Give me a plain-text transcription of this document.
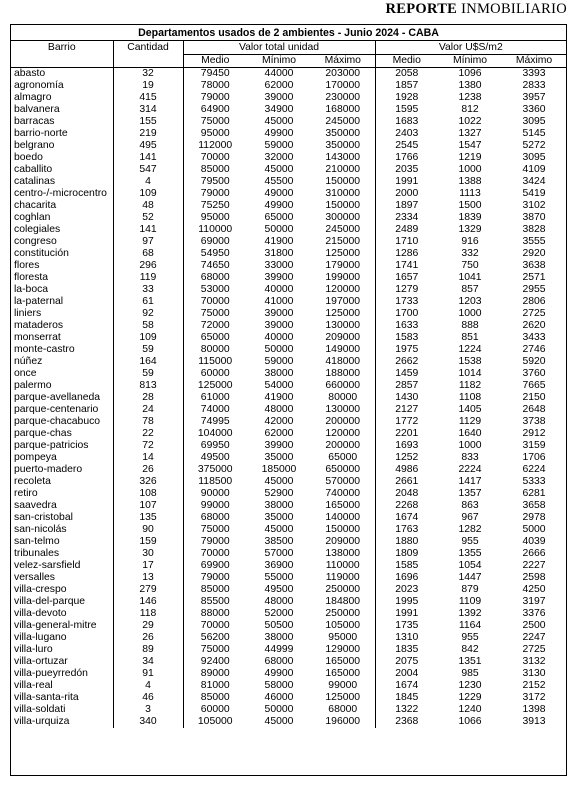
REPORTE INMOBILIARIO
Departamentos usados de 2 ambientes - Junio 2024 - CABA							
Barrio	Cantidad	Valor total unidad			Valor U$S/m2		
		Medio	Mínimo	Máximo	Medio	Mínimo	Máximo
abasto	32	79450	44000	203000	2058	1096	3393
agronomía	19	78000	62000	170000	1857	1380	2833
almagro	415	79000	39000	230000	1928	1238	3957
balvanera	314	64900	34900	168000	1595	812	3360
barracas	155	75000	45000	245000	1683	1022	3095
barrio-norte	219	95000	49900	350000	2403	1327	5145
belgrano	495	112000	59000	350000	2545	1547	5272
boedo	141	70000	32000	143000	1766	1219	3095
caballito	547	85000	45000	210000	2035	1000	4109
catalinas	4	79500	45500	150000	1991	1388	3424
centro-/-microcentro	109	79000	49000	310000	2000	1113	5419
chacarita	48	75250	49900	150000	1897	1500	3102
coghlan	52	95000	65000	300000	2334	1839	3870
colegiales	141	110000	50000	245000	2489	1329	3828
congreso	97	69000	41900	215000	1710	916	3555
constitución	68	54950	31800	125000	1286	332	2920
flores	296	74650	33000	179000	1741	750	3638
floresta	119	68000	39900	199000	1657	1041	2571
la-boca	33	53000	40000	120000	1279	857	2955
la-paternal	61	70000	41000	197000	1733	1203	2806
liniers	92	75000	39000	125000	1700	1000	2725
mataderos	58	72000	39000	130000	1633	888	2620
monserrat	109	65000	40000	209000	1583	851	3433
monte-castro	59	80000	50000	149000	1975	1224	2746
núñez	164	115000	59000	418000	2662	1538	5920
once	59	60000	38000	188000	1459	1014	3760
palermo	813	125000	54000	660000	2857	1182	7665
parque-avellaneda	28	61000	41900	80000	1430	1108	2150
parque-centenario	24	74000	48000	130000	2127	1405	2648
parque-chacabuco	78	74995	42000	200000	1772	1129	3738
parque-chas	22	104000	62000	120000	2201	1640	2912
parque-patricios	72	69950	39900	200000	1693	1000	3159
pompeya	14	49500	35000	65000	1252	833	1706
puerto-madero	26	375000	185000	650000	4986	2224	6224
recoleta	326	118500	45000	570000	2661	1417	5333
retiro	108	90000	52900	740000	2048	1357	6281
saavedra	107	99000	38000	165000	2268	863	3658
san-cristobal	135	68000	35000	140000	1674	967	2978
san-nicolás	90	75000	45000	150000	1763	1282	5000
san-telmo	159	79000	38500	209000	1880	955	4039
tribunales	30	70000	57000	138000	1809	1355	2666
velez-sarsfield	17	69900	36900	110000	1585	1054	2227
versalles	13	79000	55000	119000	1696	1447	2598
villa-crespo	279	85000	49500	250000	2023	879	4250
villa-del-parque	146	85500	48000	184800	1995	1109	3197
villa-devoto	118	88000	52000	250000	1991	1392	3376
villa-general-mitre	29	70000	50500	105000	1735	1164	2500
villa-lugano	26	56200	38000	95000	1310	955	2247
villa-luro	89	75000	44999	129000	1835	842	2725
villa-ortuzar	34	92400	68000	165000	2075	1351	3132
villa-pueyrredón	91	89000	49900	165000	2004	985	3130
villa-real	4	81000	58000	99000	1674	1230	2152
villa-santa-rita	46	85000	46000	125000	1845	1229	3172
villa-soldati	3	60000	50000	68000	1322	1240	1398
villa-urquiza	340	105000	45000	196000	2368	1066	3913
